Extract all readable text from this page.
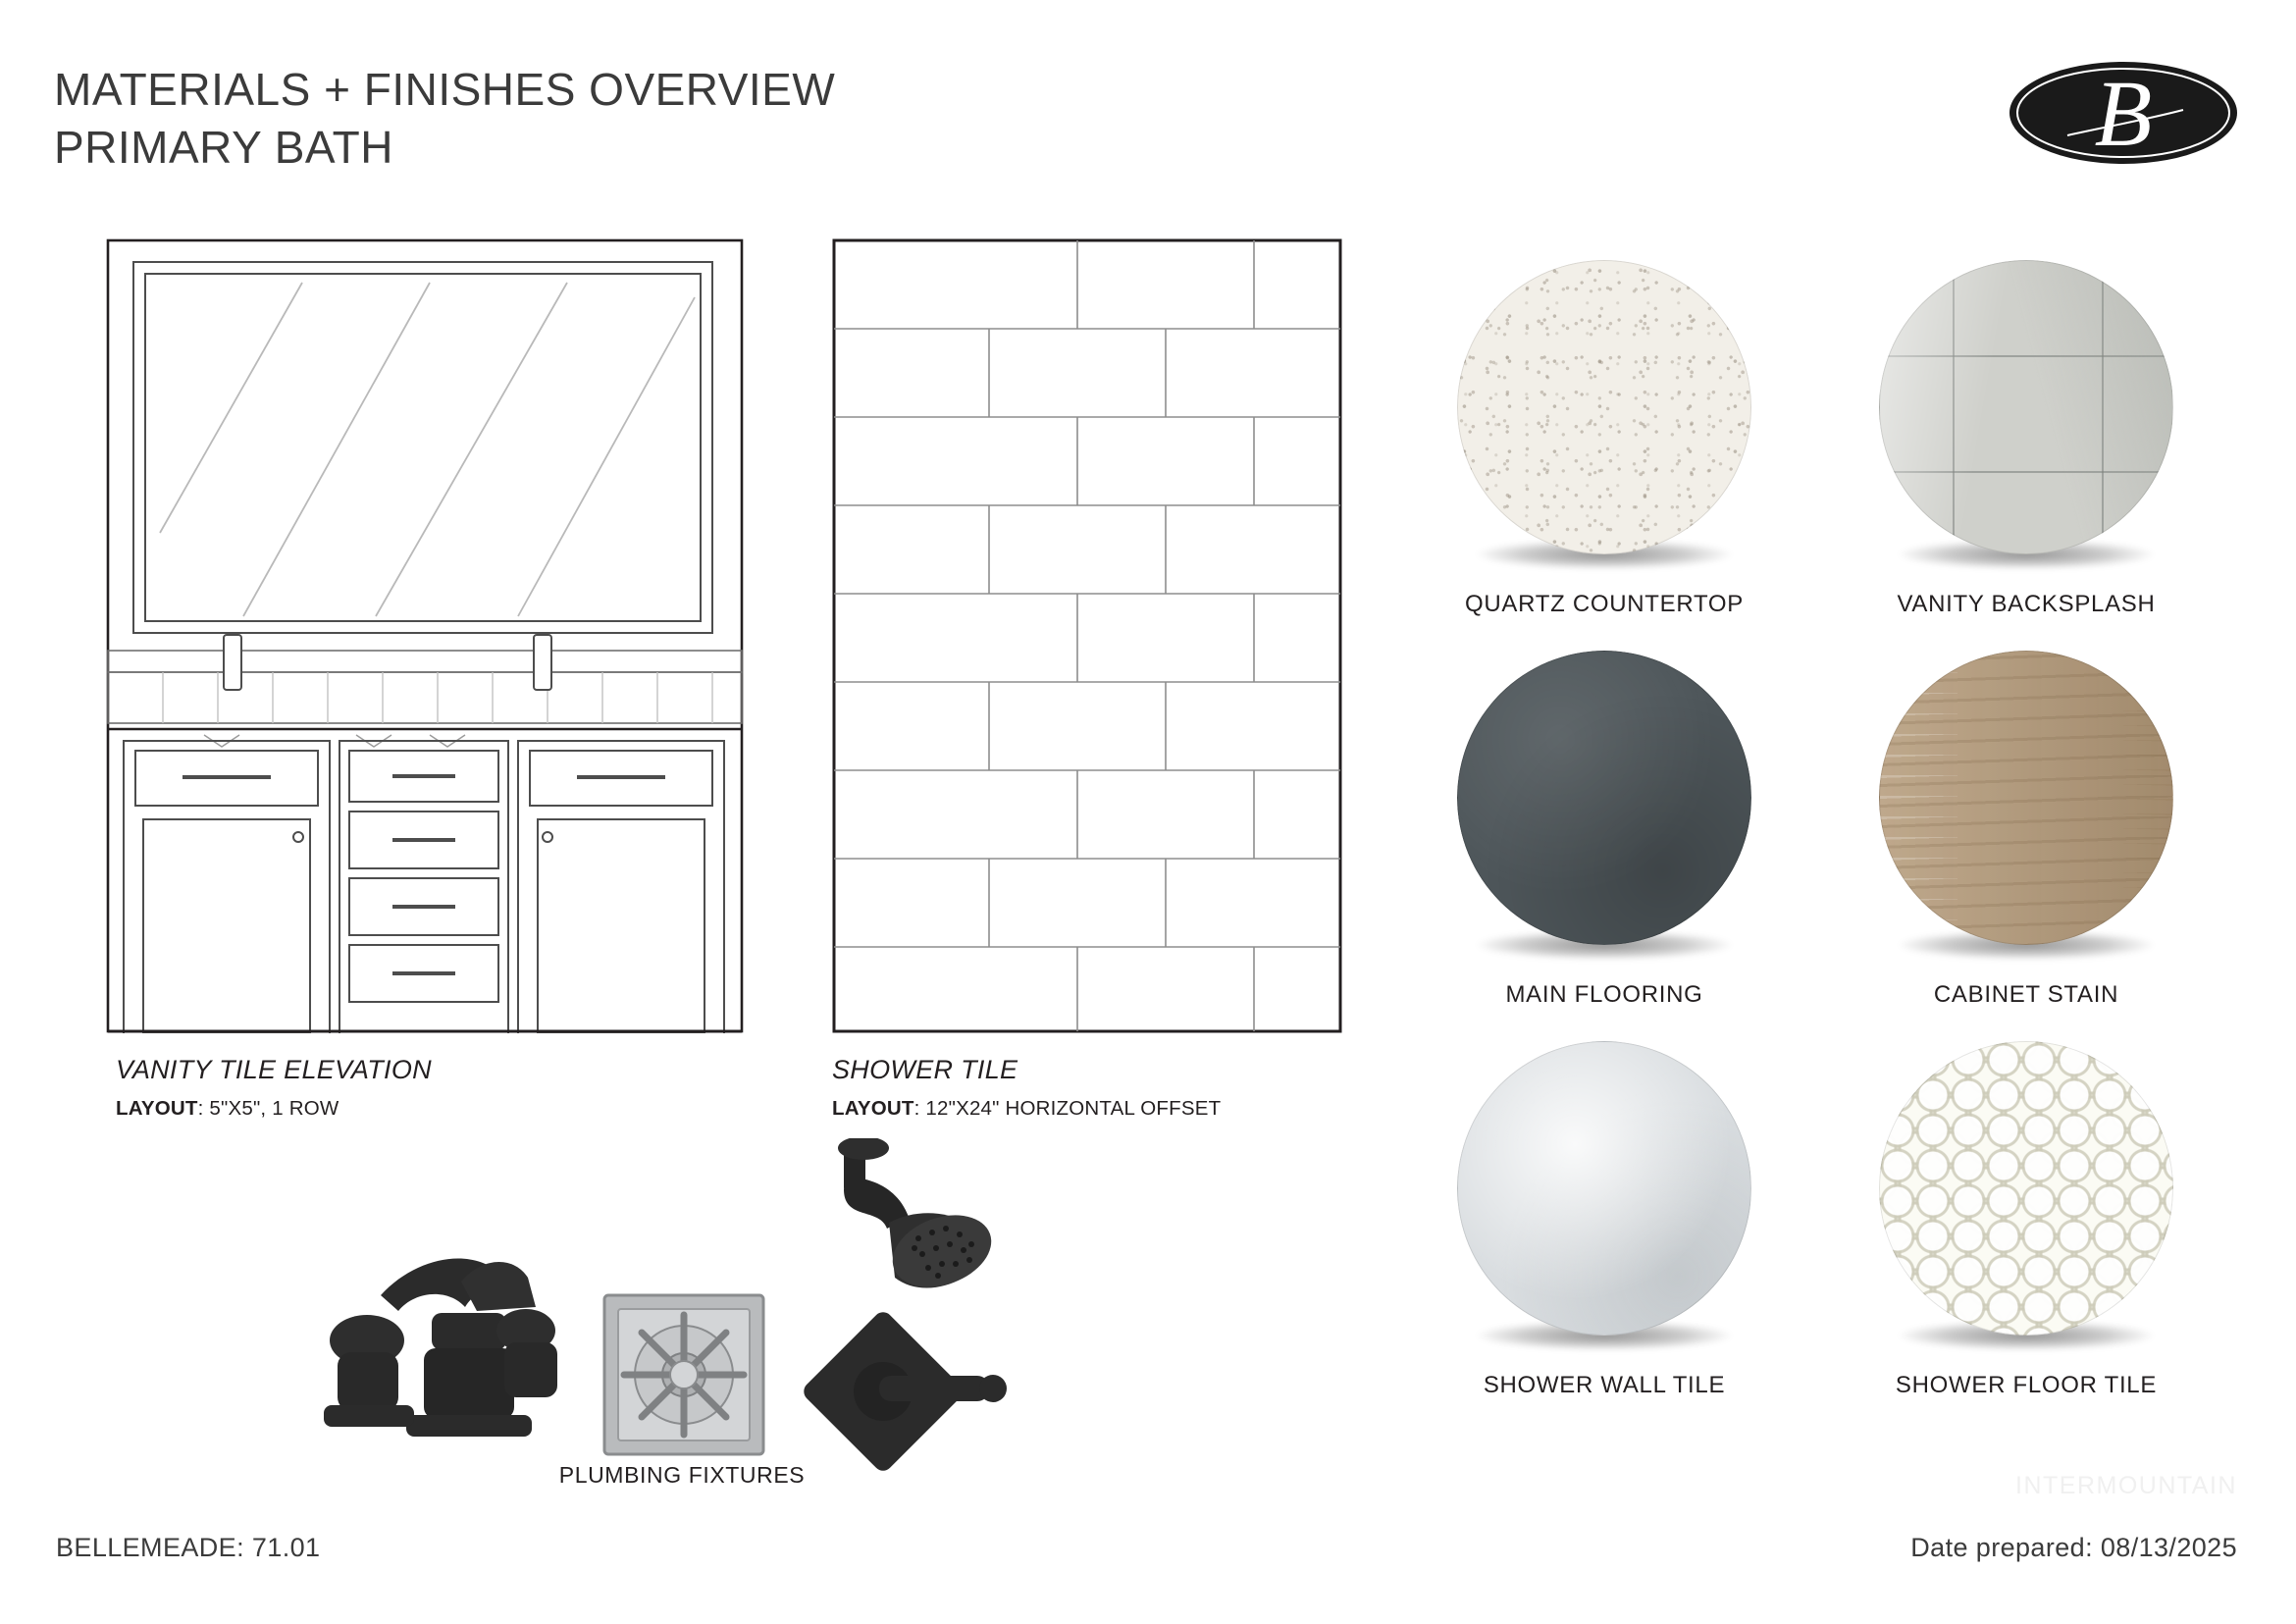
MATERIALS + FINISHES OVERVIEW
PRIMARY BATH	B
VANITY TILE ELEVATION
LAYOUT: 5"X5", 1 ROW
SHOWER TILE
LAYOUT: 12"X24" HORIZONTAL OFFSET
PLUMBING FIXTURES
QUARTZ COUNTERTOP	VANITY BACKSPLASH
MAIN FLOORING	CABINET STAIN
SHOWER WALL TILE	SHOWER FLOOR TILE
BELLEMEADE: 71.01
INTERMOUNTAIN
Date prepared: 08/13/2025
